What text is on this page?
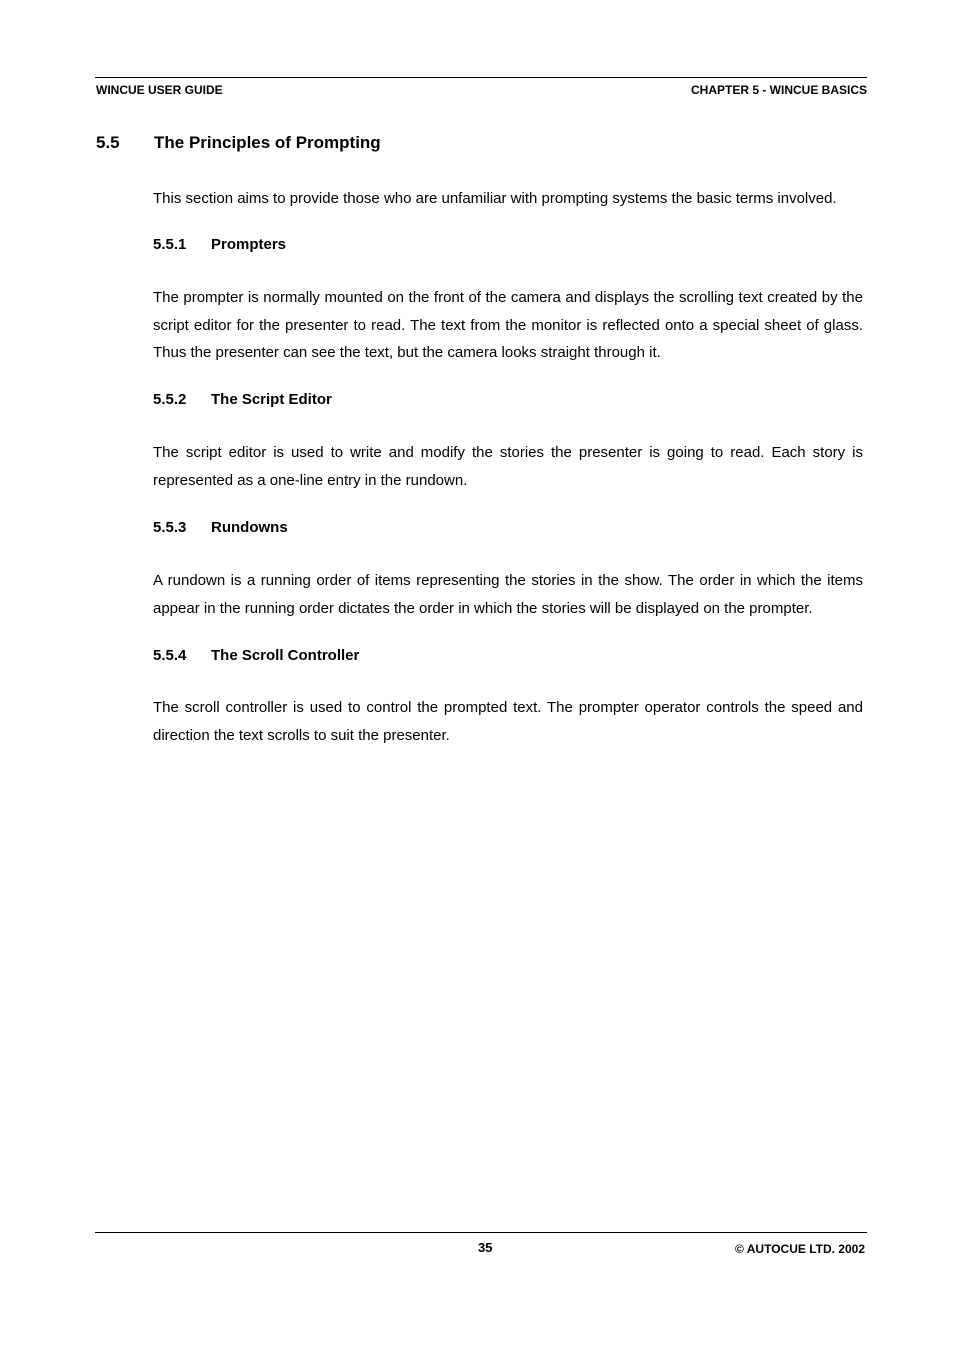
WINCUE USER GUIDE	CHAPTER 5 - WINCUE BASICS
5.5 The Principles of Prompting

This section aims to provide those who are unfamiliar with prompting systems the basic terms involved.

5.5.1 Prompters

The prompter is normally mounted on the front of the camera and displays the scrolling text created by the script editor for the presenter to read. The text from the monitor is reflected onto a special sheet of glass. Thus the presenter can see the text, but the camera looks straight through it.

5.5.2 The Script Editor

The script editor is used to write and modify the stories the presenter is going to read. Each story is represented as a one-line entry in the rundown.

5.5.3 Rundowns

A rundown is a running order of items representing the stories in the show. The order in which the items appear in the running order dictates the order in which the stories will be displayed on the prompter.

5.5.4 The Scroll Controller

The scroll controller is used to control the prompted text. The prompter operator controls the speed and direction the text scrolls to suit the presenter.

35	© AUTOCUE LTD. 2002
